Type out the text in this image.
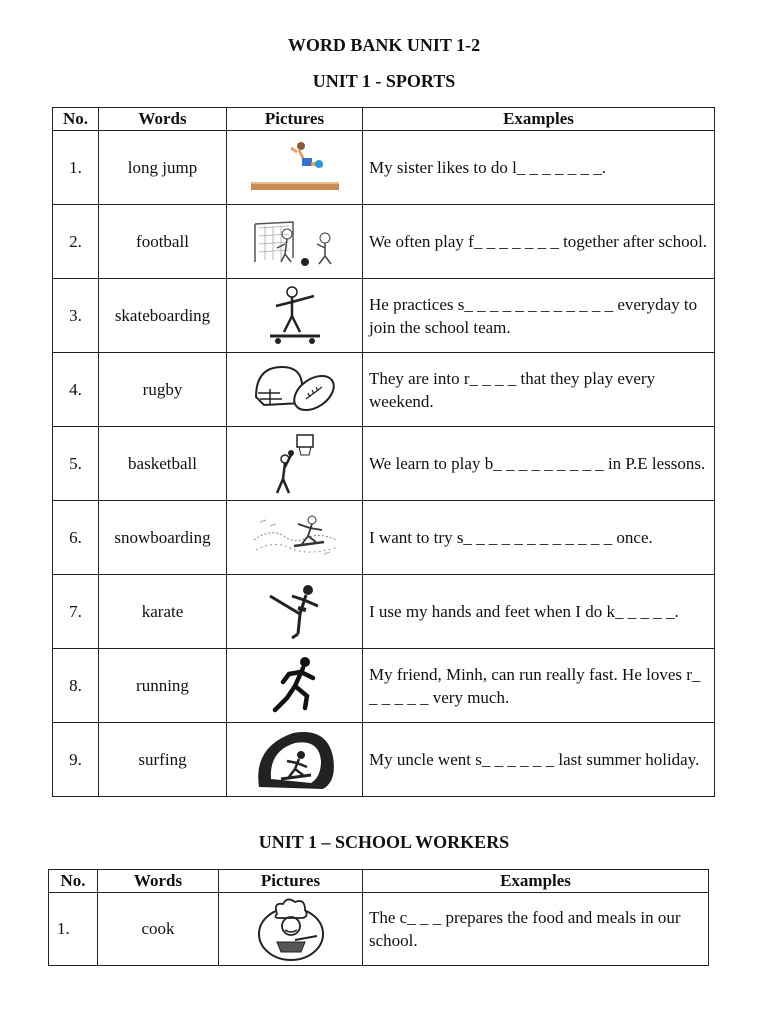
WORD BANK UNIT 1-2
UNIT 1 - SPORTS
No.	Words	Pictures	Examples
1.	long jump		My sister likes to do l_ _ _ _ _ _ _.
2.	football		We often play f_ _ _ _ _ _ _ together after school.
3.	skateboarding		He practices s_ _ _ _ _ _ _ _ _ _ _ _ everyday to join the school team.
4.	rugby		They are into r_ _ _ _ that they play every weekend.
5.	basketball		We learn to play b_ _ _ _ _ _ _ _ _ in P.E lessons.
6.	snowboarding		I want to try s_ _ _ _ _ _ _ _ _ _ _ _ once.
7.	karate		I use my hands and feet when I do k_ _ _ _ _.
8.	running		My friend, Minh, can run really fast. He loves r_ _ _ _ _ _ very much.
9.	surfing		My uncle went s_ _ _ _ _ _ last summer holiday.
UNIT 1 – SCHOOL WORKERS
No.	Words	Pictures	Examples
1.	cook		The c_ _ _ prepares the food and meals in our school.
